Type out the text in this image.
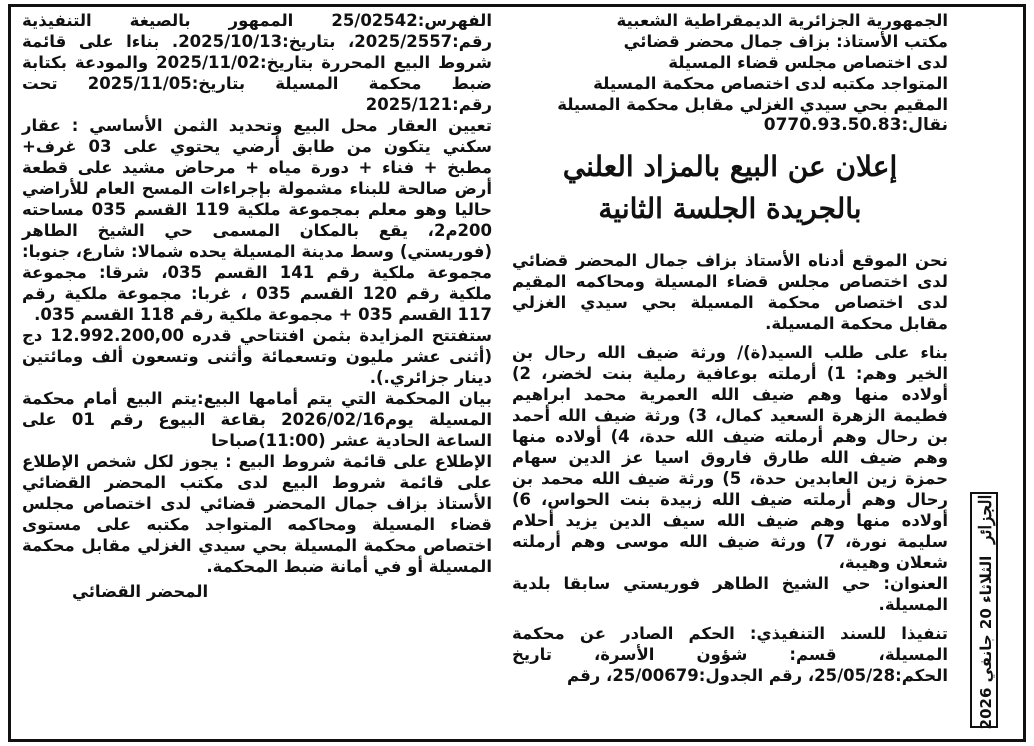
الجمهورية الجزائرية الديمقراطية الشعبية
مكتب الأستاذ: بزاف جمال محضر قضائي
لدى اختصاص مجلس قضاء المسيلة
المتواجد مكتبه لدى اختصاص محكمة المسيلة
المقيم بحي سيدي الغزلي مقابل محكمة المسيلة
نقال:0770.93.50.83
إعلان عن البيع بالمزاد العلني
بالجريدة الجلسة الثانية

نحن الموقع أدناه الأستاذ بزاف جمال المحضر قضائي لدى اختصاص مجلس قضاء المسيلة ومحاكمه المقيم لدى اختصاص محكمة المسيلة بحي سيدي الغزلي مقابل محكمة المسيلة.

بناء على طلب السيد(ة)/ ورثة ضيف الله رحال بن الخير وهم: 1) أرملته بوعافية رملية بنت لخضر، 2) أولاده منها وهم ضيف الله العمرية محمد ابراهيم فطيمة الزهرة السعيد كمال، 3) ورثة ضيف الله أحمد بن رحال وهم أرملته ضيف الله حدة، 4) أولاده منها وهم ضيف الله طارق فاروق اسيا عز الدين سهام حمزة زين العابدين حدة، 5) ورثة ضيف الله محمد بن رحال وهم أرملته ضيف الله زبيدة بنت الحواس، 6) أولاده منها وهم ضيف الله سيف الدين يزيد أحلام سليمة نورة، 7) ورثة ضيف الله موسى وهم أرملته شعلان وهيبة،

العنوان: حي الشيخ الطاهر فوريستي سابقا بلدية المسيلة.

تنفيذا للسند التنفيذي: الحكم الصادر عن محكمة المسيلة، قسم: شؤون الأسرة، تاريخ الحكم:25/05/28، رقم الجدول:25/00679، رقم

الفهرس:25/02542 الممهور بالصيغة التنفيذية رقم:2025/2557، بتاريخ:2025/10/13. بناءا على قائمة شروط البيع المحررة بتاريخ:2025/11/02 والمودعة بكتابة ضبط محكمة المسيلة بتاريخ:2025/11/05 تحت رقم:2025/121

تعيين العقار محل البيع وتحديد الثمن الأساسي : عقار سكني يتكون من طابق أرضي يحتوي على 03 غرف+ مطبخ + فناء + دورة مياه + مرحاض مشيد على قطعة أرض صالحة للبناء مشمولة بإجراءات المسح العام للأراضي حاليا وهو معلم بمجموعة ملكية 119 القسم 035 مساحته 200م2، يقع بالمكان المسمى حي الشيخ الطاهر (فوريستي) وسط مدينة المسيلة يحده شمالا: شارع، جنوبا: مجموعة ملكية رقم 141 القسم 035، شرقا: مجموعة ملكية رقم 120 القسم 035 ، غربا: مجموعة ملكية رقم 117 القسم 035 + مجموعة ملكية رقم 118 القسم 035.

ستفتتح المزايدة بثمن افتتاحي قدره 12.992.200,00 دج (أثنى عشر مليون وتسعمائة وأثنى وتسعون ألف ومائتين دينار جزائري.).

بيان المحكمة التي يتم أمامها البيع:يتم البيع أمام محكمة المسيلة يوم2026/02/16 بقاعة البيوع رقم 01 على الساعة الحادية عشر (11:00)صباحا

الإطلاع على قائمة شروط البيع : يجوز لكل شخص الإطلاع على قائمة شروط البيع لدى مكتب المحضر القضائي الأستاذ بزاف جمال المحضر قضائي لدى اختصاص مجلس قضاء المسيلة ومحاكمه المتواجد مكتبه على مستوى اختصاص محكمة المسيلة بحي سيدي الغزلي مقابل محكمة المسيلة أو في أمانة ضبط المحكمة.

المحضر القضائي

الثلاثاء 20 جانفي 2026
الجزائر
